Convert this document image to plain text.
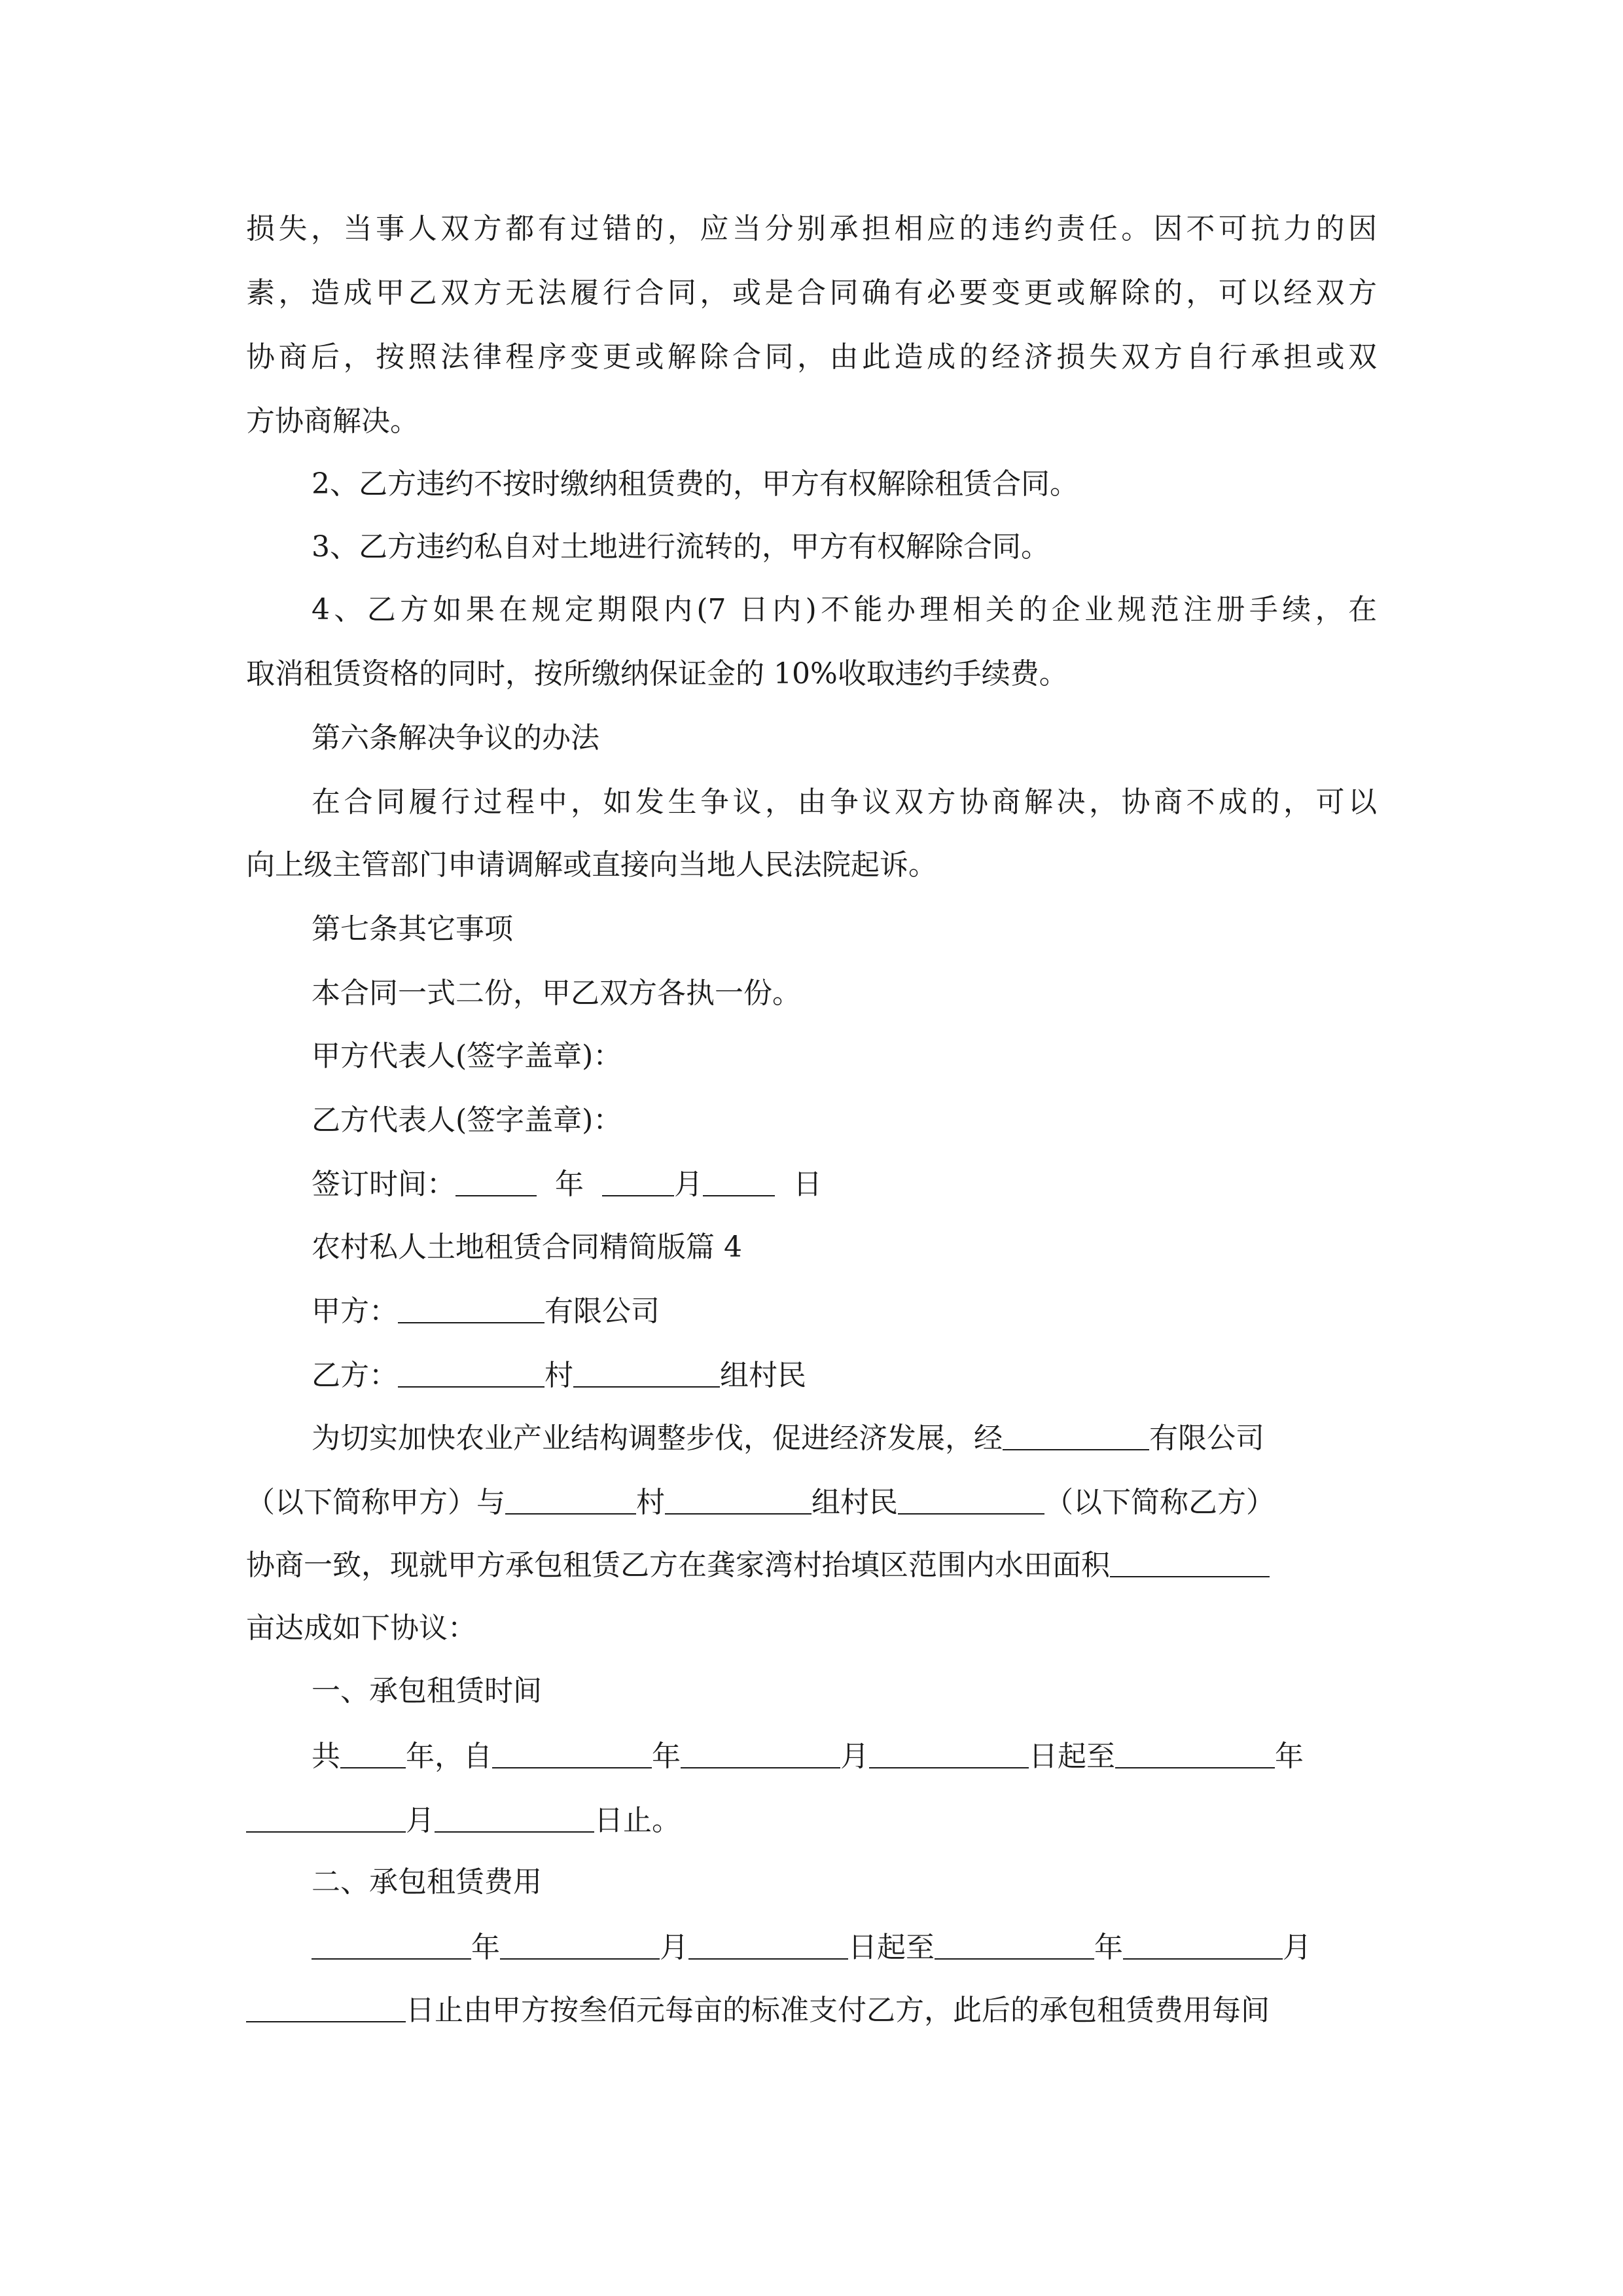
损失，当事人双方都有过错的，应当分别承担相应的违约责任。因不可抗力的因
素，造成甲乙双方无法履行合同，或是合同确有必要变更或解除的，可以经双方
协商后，按照法律程序变更或解除合同，由此造成的经济损失双方自行承担或双
方协商解决。
2、乙方违约不按时缴纳租赁费的，甲方有权解除租赁合同。
3、乙方违约私自对土地进行流转的，甲方有权解除合同。
4、乙方如果在规定期限内(7 日内)不能办理相关的企业规范注册手续，在
取消租赁资格的同时，按所缴纳保证金的 10%收取违约手续费。
第六条解决争议的办法
在合同履行过程中，如发生争议，由争议双方协商解决，协商不成的，可以
向上级主管部门申请调解或直接向当地人民法院起诉。
第七条其它事项
本合同一式二份，甲乙双方各执一份。
甲方代表人(签字盖章)：
乙方代表人(签字盖章)：
签订时间：	年	月	日
农村私人土地租赁合同精简版篇 4
甲方：	有限公司
乙方：	村	组村民
为切实加快农业产业结构调整步伐，促进经济发展，经	有限公司
（以下简称甲方）与	村	组村民	（以下简称乙方）
协商一致，现就甲方承包租赁乙方在龚家湾村抬填区范围内水田面积
亩达成如下协议：
一、承包租赁时间
共 年，自	年	月	日起至	年
月	日止。
二、承包租赁费用
年	月	日起至	年	月
日止由甲方按叁佰元每亩的标准支付乙方，此后的承包租赁费用每间
